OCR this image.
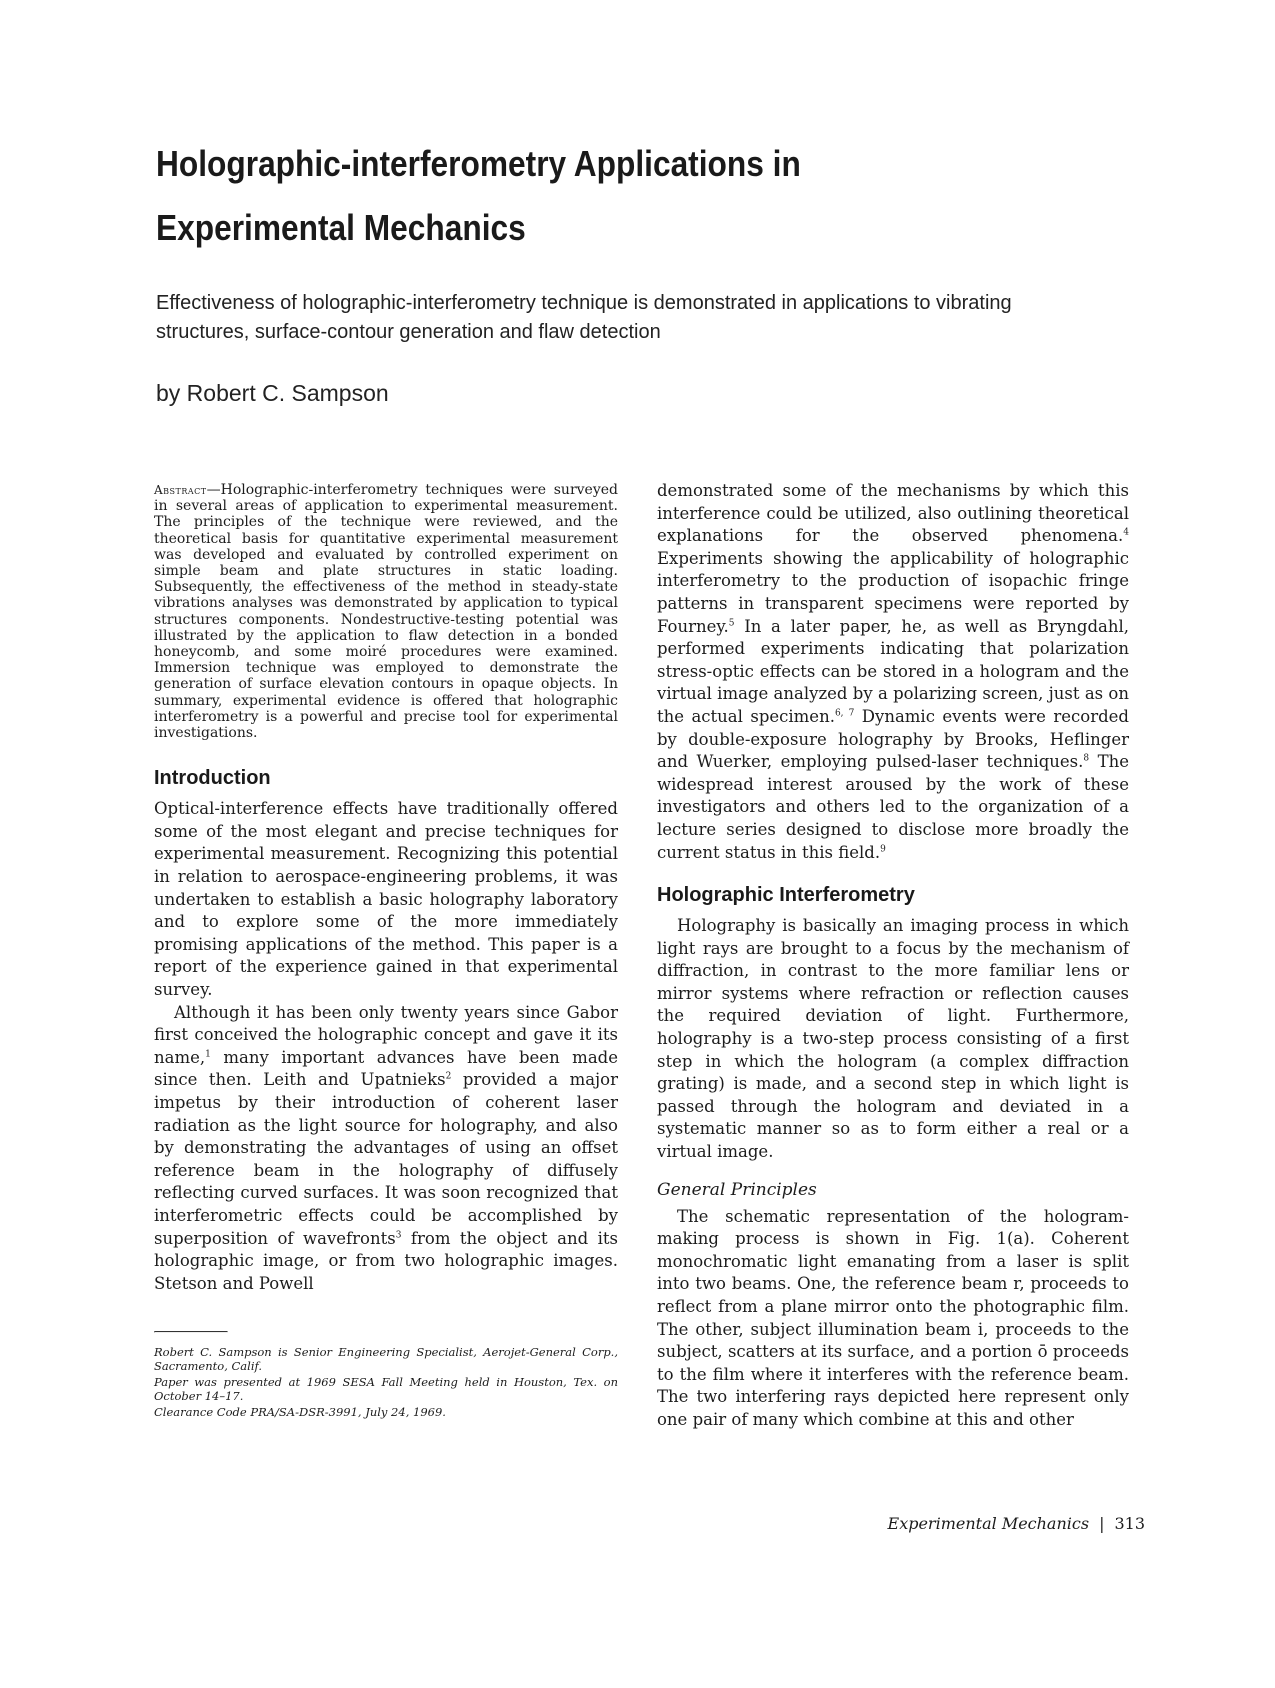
Holographic-interferometry Applications in
Experimental Mechanics

Effectiveness of holographic-interferometry technique is demonstrated in applications to vibrating structures, surface-contour generation and flaw detection

by Robert C. Sampson

Abstract—Holographic-interferometry techniques were surveyed in several areas of application to experimental measurement. The principles of the technique were reviewed, and the theoretical basis for quantitative experimental measurement was developed and evaluated by controlled experiment on simple beam and plate structures in static loading. Subsequently, the effectiveness of the method in steady-state vibrations analyses was demonstrated by application to typical structures components. Nondestructive-testing potential was illustrated by the application to flaw detection in a bonded honeycomb, and some moiré procedures were examined. Immersion technique was employed to demonstrate the generation of surface elevation contours in opaque objects. In summary, experimental evidence is offered that holographic interferometry is a powerful and precise tool for experimental investigations.

Introduction

Optical-interference effects have traditionally offered some of the most elegant and precise techniques for experimental measurement. Recognizing this potential in relation to aerospace-engineering problems, it was undertaken to establish a basic holography laboratory and to explore some of the more immediately promising applications of the method. This paper is a report of the experience gained in that experimental survey.

Although it has been only twenty years since Gabor first conceived the holographic concept and gave it its name,$^1$ many important advances have been made since then. Leith and Upatnieks$^2$ provided a major impetus by their introduction of coherent laser radiation as the light source for holography, and also by demonstrating the advantages of using an offset reference beam in the holography of diffusely reflecting curved surfaces. It was soon recognized that interferometric effects could be accomplished by superposition of wavefronts$^3$ from the object and its holographic image, or from two holographic images. Stetson and Powell

Robert C. Sampson is Senior Engineering Specialist, Aerojet-General Corp., Sacramento, Calif.

Paper was presented at 1969 SESA Fall Meeting held in Houston, Tex. on October 14–17.

Clearance Code PRA/SA-DSR-3991, July 24, 1969.

demonstrated some of the mechanisms by which this interference could be utilized, also outlining theoretical explanations for the observed phenomena.$^4$ Experiments showing the applicability of holographic interferometry to the production of isopachic fringe patterns in transparent specimens were reported by Fourney.$^5$ In a later paper, he, as well as Bryngdahl, performed experiments indicating that polarization stress-optic effects can be stored in a hologram and the virtual image analyzed by a polarizing screen, just as on the actual specimen.$^{6, 7}$ Dynamic events were recorded by double-exposure holography by Brooks, Heflinger and Wuerker, employing pulsed-laser techniques.$^8$ The widespread interest aroused by the work of these investigators and others led to the organization of a lecture series designed to disclose more broadly the current status in this field.$^9$

Holographic Interferometry

Holography is basically an imaging process in which light rays are brought to a focus by the mechanism of diffraction, in contrast to the more familiar lens or mirror systems where refraction or reflection causes the required deviation of light. Furthermore, holography is a two-step process consisting of a first step in which the hologram (a complex diffraction grating) is made, and a second step in which light is passed through the hologram and deviated in a systematic manner so as to form either a real or a virtual image.

General Principles

The schematic representation of the hologram-making process is shown in Fig. 1(a). Coherent monochromatic light emanating from a laser is split into two beams. One, the reference beam r, proceeds to reflect from a plane mirror onto the photographic film. The other, subject illumination beam i, proceeds to the subject, scatters at its surface, and a portion ō proceeds to the film where it interferes with the reference beam. The two interfering rays depicted here represent only one pair of many which combine at this and other

Experimental Mechanics | 313
